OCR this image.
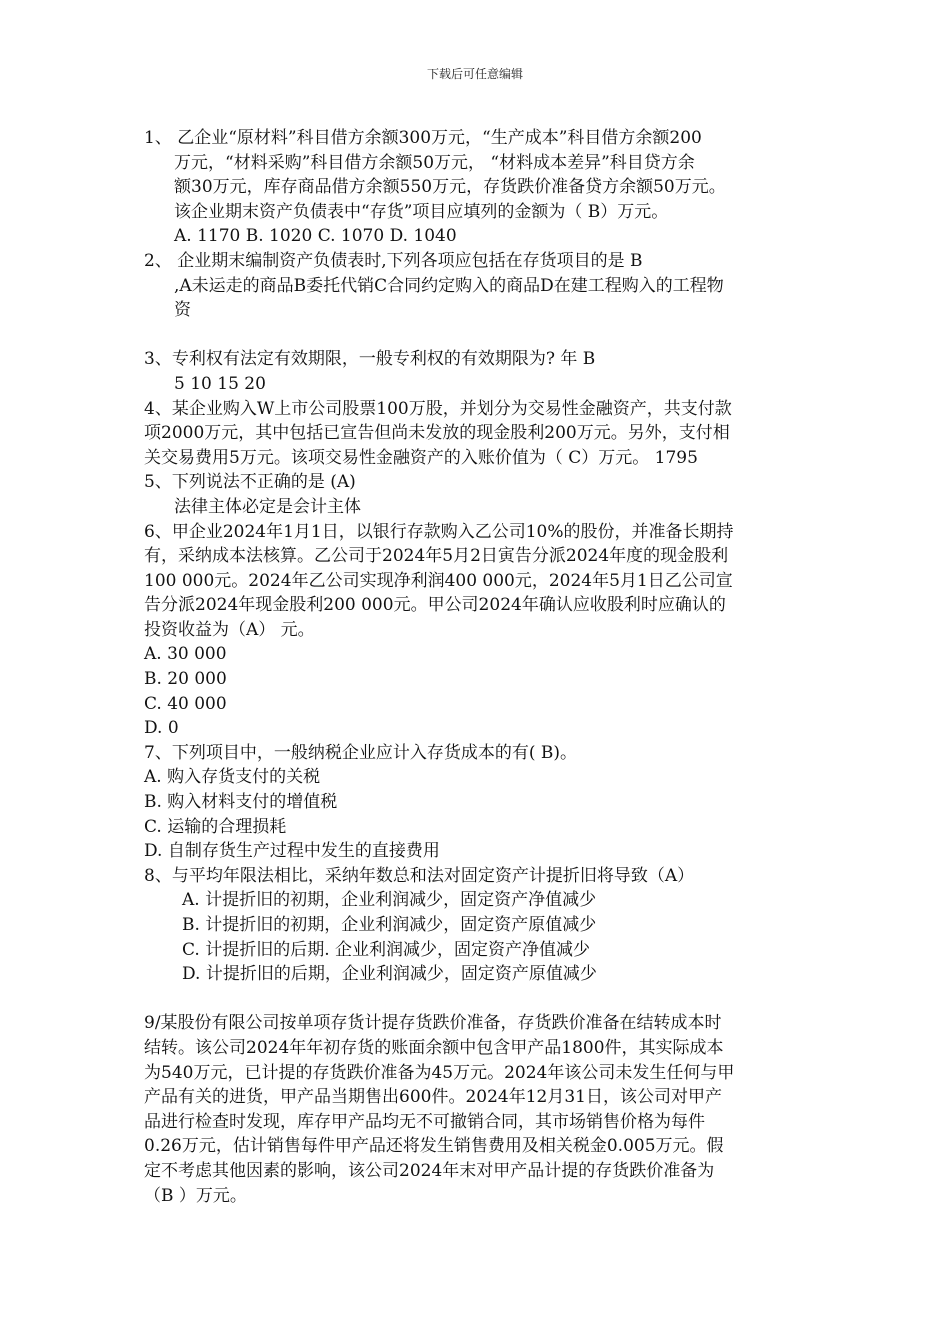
下载后可任意编辑
1、 乙企业“原材料”科目借方余额300万元，“生产成本”科目借方余额200
万元，“材料采购”科目借方余额50万元， “材料成本差异”科目贷方余
额30万元，库存商品借方余额550万元，存货跌价准备贷方余额50万元。
该企业期末资产负债表中“存货”项目应填列的金额为（ B）万元。
A. 1170 B. 1020 C. 1070 D. 1040
2、 企业期末编制资产负债表时,下列各项应包括在存货项目的是 B
,A未运走的商品B委托代销C合同约定购入的商品D在建工程购入的工程物
资
3、专利权有法定有效期限，一般专利权的有效期限为? 年 B
5 10 15 20
4、某企业购入W上市公司股票100万股，并划分为交易性金融资产，共支付款
项2000万元，其中包括已宣告但尚未发放的现金股利200万元。另外，支付相
关交易费用5万元。该项交易性金融资产的入账价值为（ C）万元。 1795
5、下列说法不正确的是 (A)
法律主体必定是会计主体
6、甲企业2024年1月1日，以银行存款购入乙公司10%的股份，并准备长期持
有，采纳成本法核算。乙公司于2024年5月2日寅告分派2024年度的现金股利
100 000元。2024年乙公司实现净利润400 000元，2024年5月1日乙公司宣
告分派2024年现金股利200 000元。甲公司2024年确认应收股利时应确认的
投资收益为（A） 元。
A. 30 000
B. 20 000
C. 40 000
D. 0
7、下列项目中，一般纳税企业应计入存货成本的有( B)。
A. 购入存货支付的关税
B. 购入材料支付的增值税
C. 运输的合理损耗
D. 自制存货生产过程中发生的直接费用
8、与平均年限法相比，采纳年数总和法对固定资产计提折旧将导致（A）
A. 计提折旧的初期，企业利润减少，固定资产净值减少
B. 计提折旧的初期，企业利润减少，固定资产原值减少
C. 计提折旧的后期. 企业利润减少，固定资产净值减少
D. 计提折旧的后期，企业利润减少，固定资产原值减少
9/某股份有限公司按单项存货计提存货跌价准备，存货跌价准备在结转成本时
结转。该公司2024年年初存货的账面余额中包含甲产品1800件，其实际成本
为540万元，已计提的存货跌价准备为45万元。2024年该公司未发生任何与甲
产品有关的进货，甲产品当期售出600件。2024年12月31日，该公司对甲产
品进行检查时发现，库存甲产品均无不可撤销合同，其市场销售价格为每件
0.26万元，估计销售每件甲产品还将发生销售费用及相关税金0.005万元。假
定不考虑其他因素的影响，该公司2024年末对甲产品计提的存货跌价准备为
（B ）万元。
